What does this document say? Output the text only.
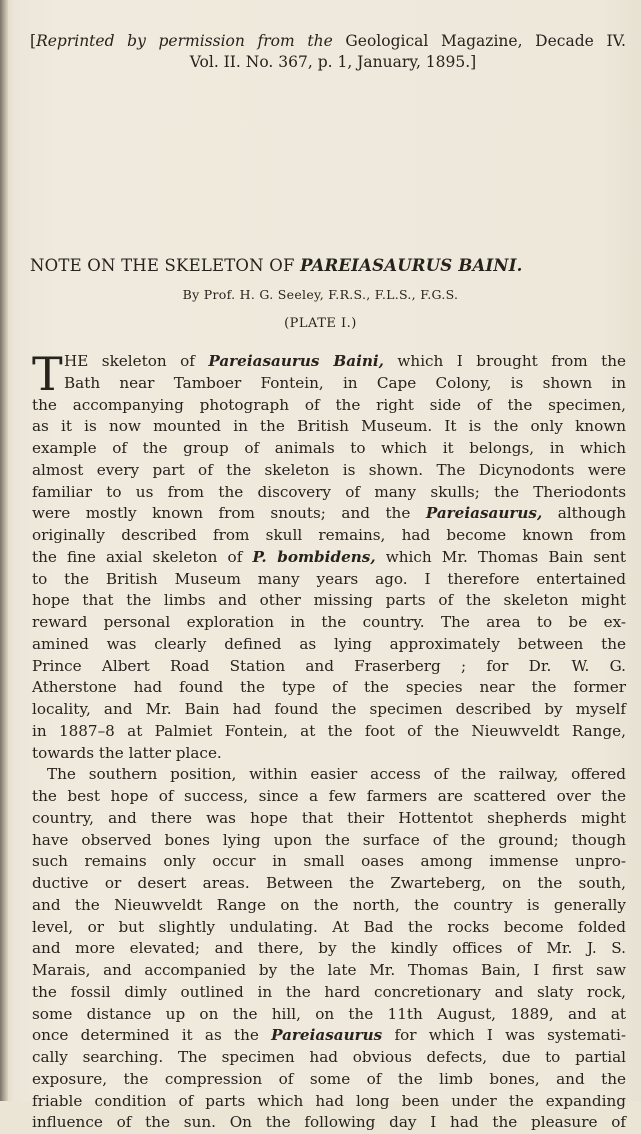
[Reprinted by permission from the Geological Magazine, Decade IV.
Vol. II. No. 367, p. 1, January, 1895.]
NOTE ON THE SKELETON OF PAREIASAURUS BAINI.
By Prof. H. G. Seeley, F.R.S., F.L.S., F.G.S.
(PLATE I.)
T HE skeleton of Pareiasaurus Baini, which I brought from the
Bath near Tamboer Fontein, in Cape Colony, is shown in
the accompanying photograph of the right side of the specimen,
as it is now mounted in the British Museum. It is the only known
example of the group of animals to which it belongs, in which
almost every part of the skeleton is shown. The Dicynodonts were
familiar to us from the discovery of many skulls; the Theriodonts
were mostly known from snouts; and the Pareiasaurus, although
originally described from skull remains, had become known from
the fine axial skeleton of P. bombidens, which Mr. Thomas Bain sent
to the British Museum many years ago. I therefore entertained
hope that the limbs and other missing parts of the skeleton might
reward personal exploration in the country. The area to be ex-
amined was clearly defined as lying approximately between the
Prince Albert Road Station and Fraserberg ; for Dr. W. G.
Atherstone had found the type of the species near the former
locality, and Mr. Bain had found the specimen described by myself
in 1887–8 at Palmiet Fontein, at the foot of the Nieuwveldt Range,
towards the latter place.
The southern position, within easier access of the railway, offered
the best hope of success, since a few farmers are scattered over the
country, and there was hope that their Hottentot shepherds might
have observed bones lying upon the surface of the ground; though
such remains only occur in small oases among immense unpro-
ductive or desert areas. Between the Zwarteberg, on the south,
and the Nieuwveldt Range on the north, the country is generally
level, or but slightly undulating. At Bad the rocks become folded
and more elevated; and there, by the kindly offices of Mr. J. S.
Marais, and accompanied by the late Mr. Thomas Bain, I first saw
the fossil dimly outlined in the hard concretionary and slaty rock,
some distance up on the hill, on the 11th August, 1889, and at
once determined it as the Pareiasaurus for which I was systemati-
cally searching. The specimen had obvious defects, due to partial
exposure, the compression of some of the limb bones, and the
friable condition of parts which had long been under the expanding
influence of the sun. On the following day I had the pleasure of
